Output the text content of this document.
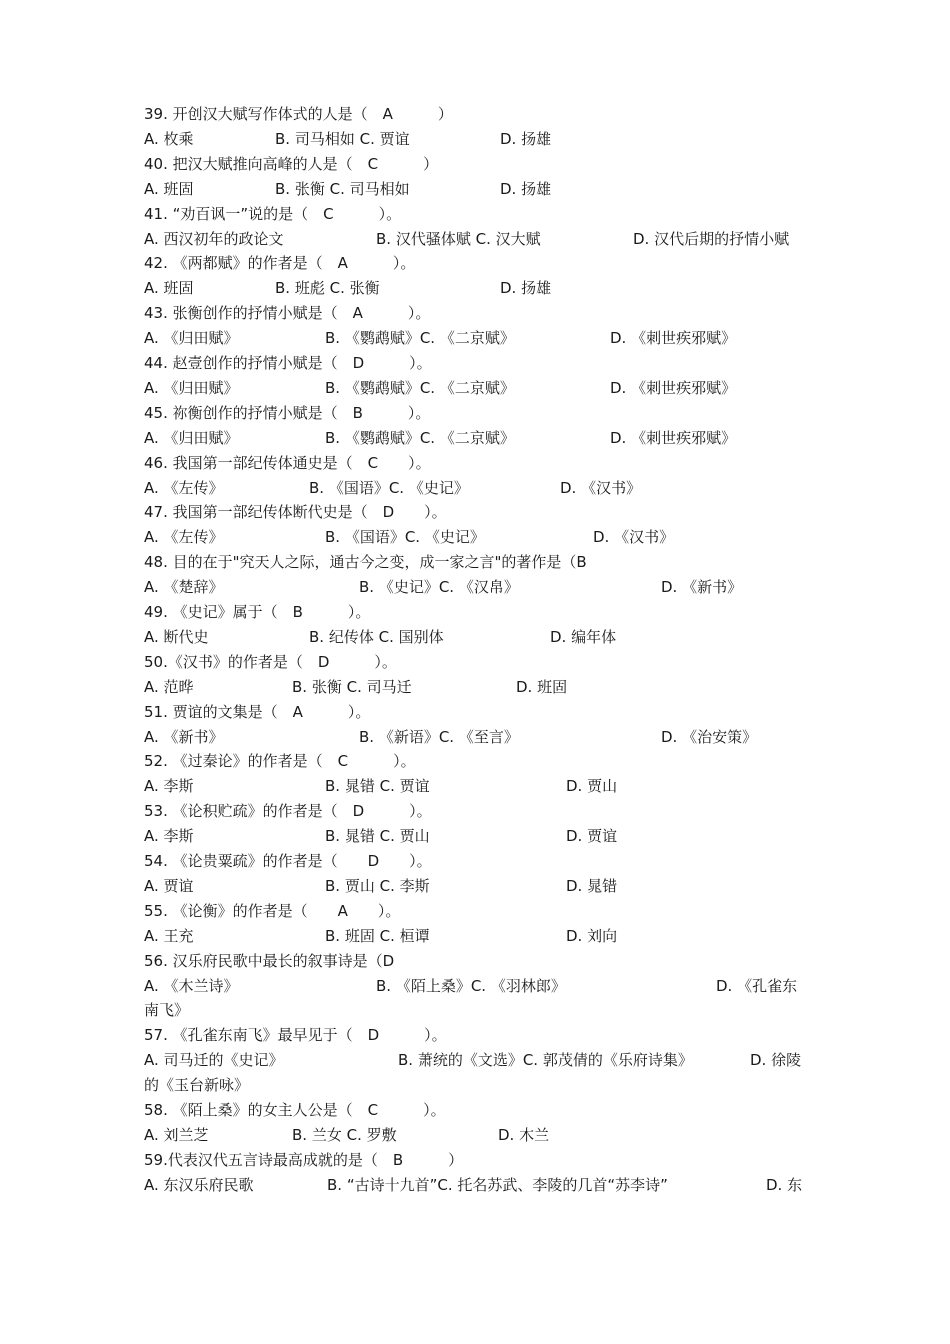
39. 开创汉大赋写作体式的人是（　A　　　）
A. 枚乘	B. 司马相如 C. 贾谊	D. 扬雄
40. 把汉大赋推向高峰的人是（　C　　　）
A. 班固	B. 张衡 C. 司马相如	D. 扬雄
41. “劝百讽一”说的是（　C　　　）。
A. 西汉初年的政论文	B. 汉代骚体赋 C. 汉大赋	D. 汉代后期的抒情小赋
42. 《两都赋》的作者是（　A　　　）。
A. 班固	B. 班彪 C. 张衡	D. 扬雄
43. 张衡创作的抒情小赋是（　A　　　）。
A. 《归田赋》	B. 《鹦鹉赋》C. 《二京赋》	D. 《刺世疾邪赋》
44. 赵壹创作的抒情小赋是（　D　　　）。
A. 《归田赋》	B. 《鹦鹉赋》C. 《二京赋》	D. 《刺世疾邪赋》
45. 祢衡创作的抒情小赋是（　B　　　）。
A. 《归田赋》	B. 《鹦鹉赋》C. 《二京赋》	D. 《刺世疾邪赋》
46. 我国第一部纪传体通史是（　C　　）。
A. 《左传》	B. 《国语》C. 《史记》	D. 《汉书》
47. 我国第一部纪传体断代史是（　D　　）。
A. 《左传》	B. 《国语》C. 《史记》	D. 《汉书》
48. 目的在于"究天人之际，通古今之变，成一家之言"的著作是（B
A. 《楚辞》	B. 《史记》C. 《汉帛》	D. 《新书》
49. 《史记》属于（　B　　　）。
A. 断代史	B. 纪传体 C. 国别体	D. 编年体
50.《汉书》的作者是（　D　　　）。
A. 范晔	B. 张衡 C. 司马迁	D. 班固
51. 贾谊的文集是（　A　　　）。
A. 《新书》	B. 《新语》C. 《至言》	D. 《治安策》
52. 《过秦论》的作者是（　C　　　）。
A. 李斯	B. 晁错 C. 贾谊	D. 贾山
53. 《论积贮疏》的作者是（　D　　　）。
A. 李斯	B. 晁错 C. 贾山	D. 贾谊
54. 《论贵粟疏》的作者是（　　D　　）。
A. 贾谊	B. 贾山 C. 李斯	D. 晁错
55. 《论衡》的作者是（　　A　　）。
A. 王充	B. 班固 C. 桓谭	D. 刘向
56. 汉乐府民歌中最长的叙事诗是（D
A. 《木兰诗》	B. 《陌上桑》C. 《羽林郎》	D. 《孔雀东
南飞》
57. 《孔雀东南飞》最早见于（　D　　　）。
A. 司马迁的《史记》	B. 萧统的《文选》C. 郭茂倩的《乐府诗集》	D. 徐陵
的《玉台新咏》
58. 《陌上桑》的女主人公是（　C　　　）。
A. 刘兰芝	B. 兰女 C. 罗敷	D. 木兰
59.代表汉代五言诗最高成就的是（　B　　　）
A. 东汉乐府民歌	B. “古诗十九首”C. 托名苏武、李陵的几首“苏李诗”	D. 东
